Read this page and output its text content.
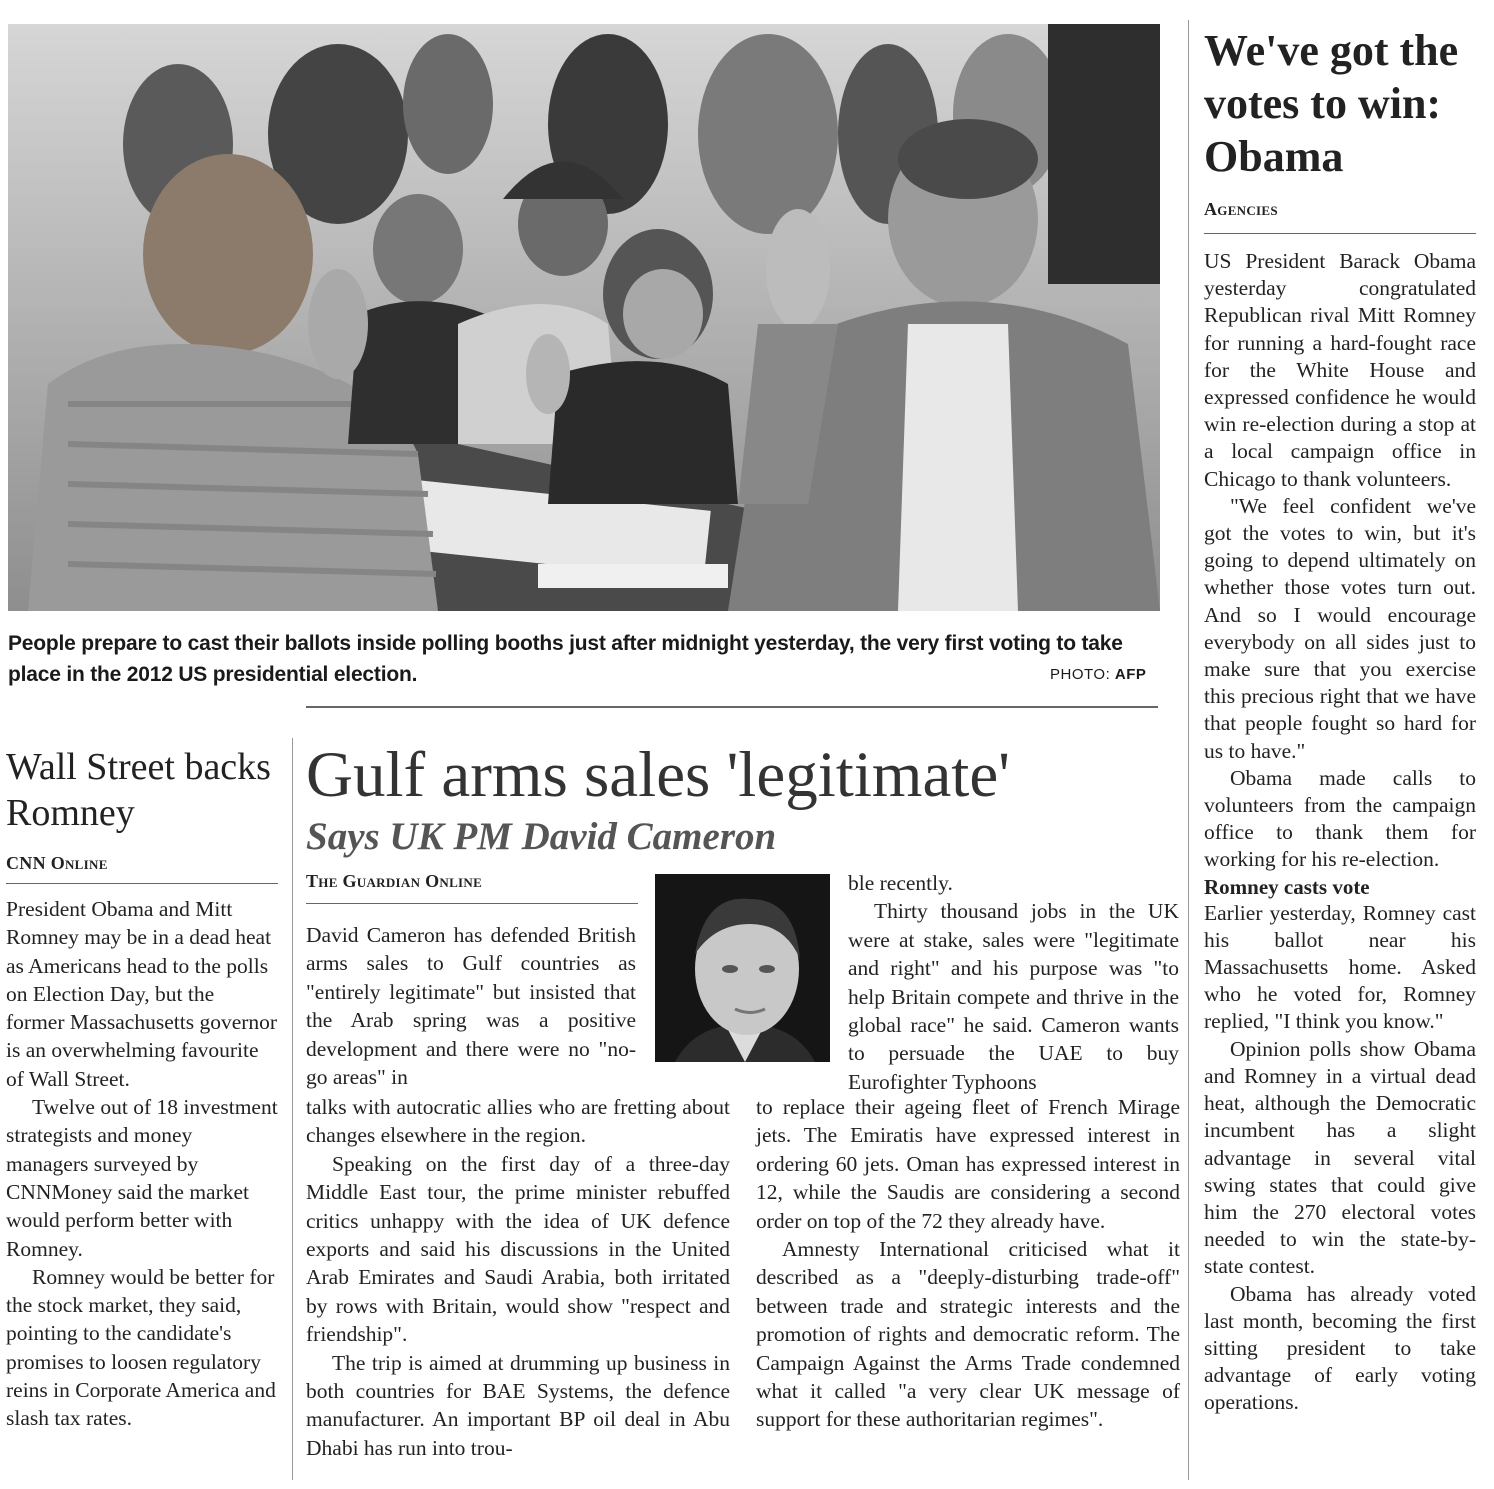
People prepare to cast their ballots inside polling booths just after midnight yesterday, the very first voting to take place in the 2012 US presidential election.	PHOTO: AFP
We've got the votes to win: Obama
Agencies

US President Barack Obama yesterday congratulated Republican rival Mitt Romney for running a hard-fought race for the White House and expressed confidence he would win re-election during a stop at a local campaign office in Chicago to thank volunteers.

"We feel confident we've got the votes to win, but it's going to depend ultimately on whether those votes turn out. And so I would encourage everybody on all sides just to make sure that you exercise this precious right that we have that people fought so hard for us to have."

Obama made calls to volunteers from the campaign office to thank them for working for his re-election.

Romney casts vote

Earlier yesterday, Romney cast his ballot near his Massachusetts home. Asked who he voted for, Romney replied, "I think you know."

Opinion polls show Obama and Romney in a virtual dead heat, although the Democratic incumbent has a slight advantage in several vital swing states that could give him the 270 electoral votes needed to win the state-by-state contest.

Obama has already voted last month, becoming the first sitting president to take advantage of early voting operations.

Wall Street backs Romney
CNN Online

President Obama and Mitt Romney may be in a dead heat as Americans head to the polls on Election Day, but the former Massachusetts governor is an overwhelming favourite of Wall Street.

Twelve out of 18 investment strategists and money managers surveyed by CNNMoney said the market would perform better with Romney.

Romney would be better for the stock market, they said, pointing to the candidate's promises to loosen regulatory reins in Corporate America and slash tax rates.

Gulf arms sales 'legitimate'
Says UK PM David Cameron
The Guardian Online

David Cameron has defended British arms sales to Gulf countries as "entirely legitimate" but insisted that the Arab spring was a positive development and there were no "no-go areas" in

talks with autocratic allies who are fretting about changes elsewhere in the region.

Speaking on the first day of a three-day Middle East tour, the prime minister rebuffed critics unhappy with the idea of UK defence exports and said his discussions in the United Arab Emirates and Saudi Arabia, both irritated by rows with Britain, would show "respect and friendship".

The trip is aimed at drumming up business in both countries for BAE Systems, the defence manufacturer. An important BP oil deal in Abu Dhabi has run into trou-

ble recently.

Thirty thousand jobs in the UK were at stake, sales were "legitimate and right" and his purpose was "to help Britain compete and thrive in the global race" he said. Cameron wants to persuade the UAE to buy Eurofighter Typhoons

to replace their ageing fleet of French Mirage jets. The Emiratis have expressed interest in ordering 60 jets. Oman has expressed interest in 12, while the Saudis are considering a second order on top of the 72 they already have.

Amnesty International criticised what it described as a "deeply-disturbing trade-off" between trade and strategic interests and the promotion of rights and democratic reform. The Campaign Against the Arms Trade condemned what it called "a very clear UK message of support for these authoritarian regimes".
